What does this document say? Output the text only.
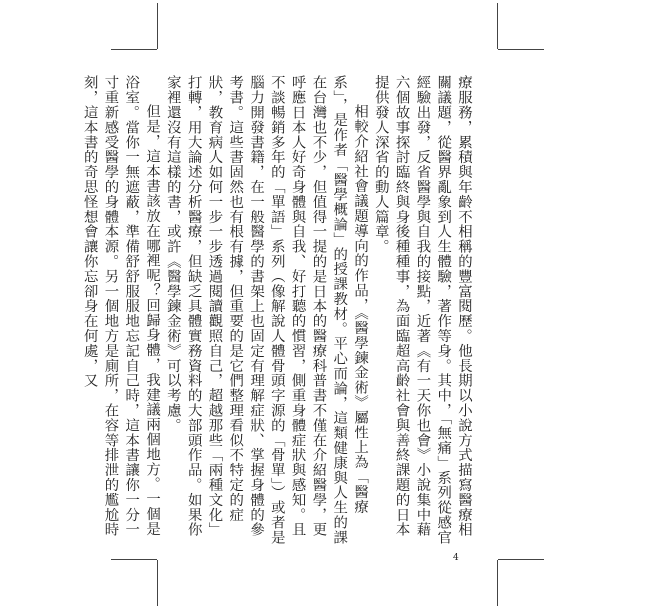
療服務，累積與年齡不相稱的豐富閱歷。他長期以小說方式描寫醫療相關議題，從醫界亂象到人生體驗，著作等身。其中，「無痛」系列從感官經驗出發，反省醫學與自我的接點，近著《有一天你也會》小說集中藉六個故事探討臨終與身後種種事，為面臨超高齡社會與善終課題的日本提供發人深省的動人篇章。

相較介紹社會議題導向的作品，《醫學鍊金術》屬性上為「醫療系」，是作者「醫學概論」的授課教材。平心而論，這類健康與人生的課在台灣也不少，但值得一提的是日本的醫療科普書不僅在介紹醫學，更呼應日本人好奇身體與自我、好打聽的慣習，側重身體症狀與感知。且不談暢銷多年的「單語」系列（像解說人體骨頭字源的「骨單」）或者是腦力開發書籍，在一般醫學的書架上也固定有理解症狀、掌握身體的參考書。這些書固然也有根有據，但重要的是它們整理看似不特定的症狀，教育病人如何一步一步透過閱讀觀照自己，超越那些「兩種文化」打轉，用大論述分析醫療，但缺乏具體實務資料的大部頭作品。如果你家裡還沒有這樣的書，或許《醫學鍊金術》可以考慮。

但是，這本書該放在哪裡呢？回歸身體，我建議兩個地方。一個是浴室。當你一無遮蔽，準備舒舒服服地忘記自己時，這本書讓你一分一寸重新感受醫學的身體本源。另一個地方是廁所，在容等排泄的尷尬時刻，這本書的奇思怪想會讓你忘卻身在何處，又

4
